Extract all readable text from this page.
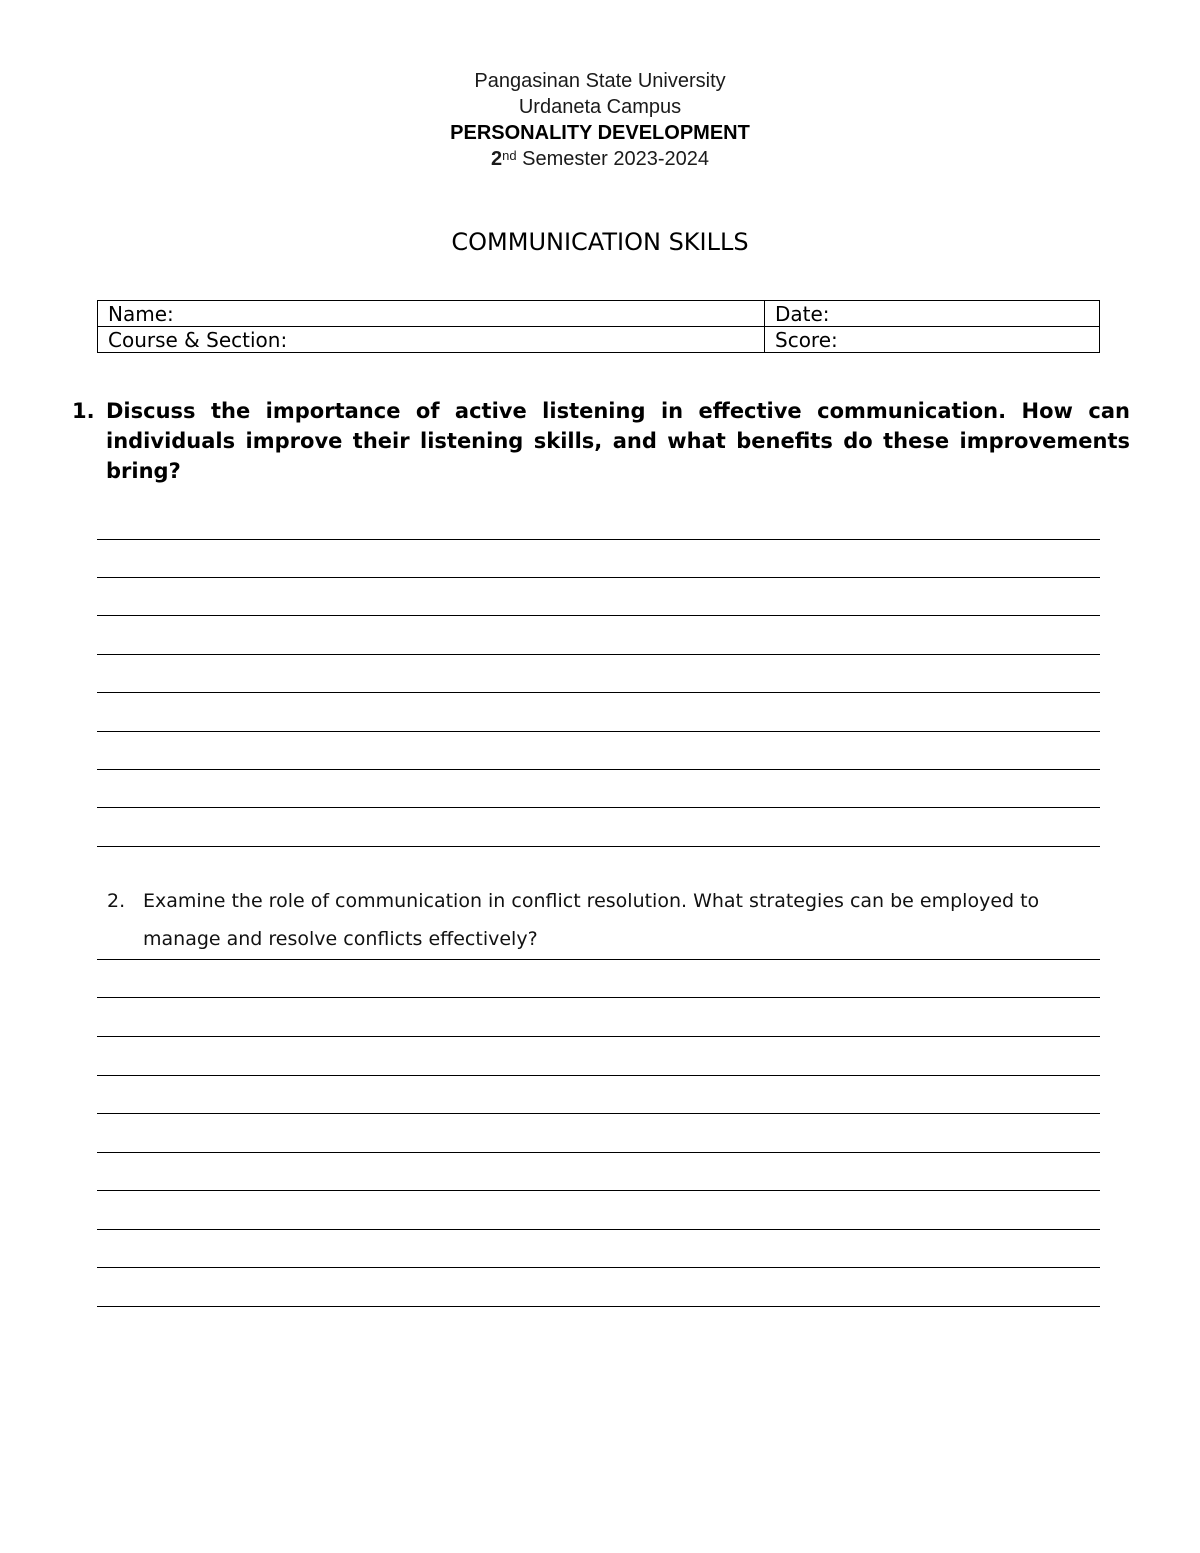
Pangasinan State University
Urdaneta Campus
PERSONALITY DEVELOPMENT
2nd Semester 2023-2024
COMMUNICATION SKILLS
Name:	Date:
Course & Section:	Score:
1. Discuss the importance of active listening in effective communication. How can individuals improve their listening skills, and what benefits do these improvements bring?
2. Examine the role of communication in conflict resolution. What strategies can be employed to manage and resolve conflicts effectively?
